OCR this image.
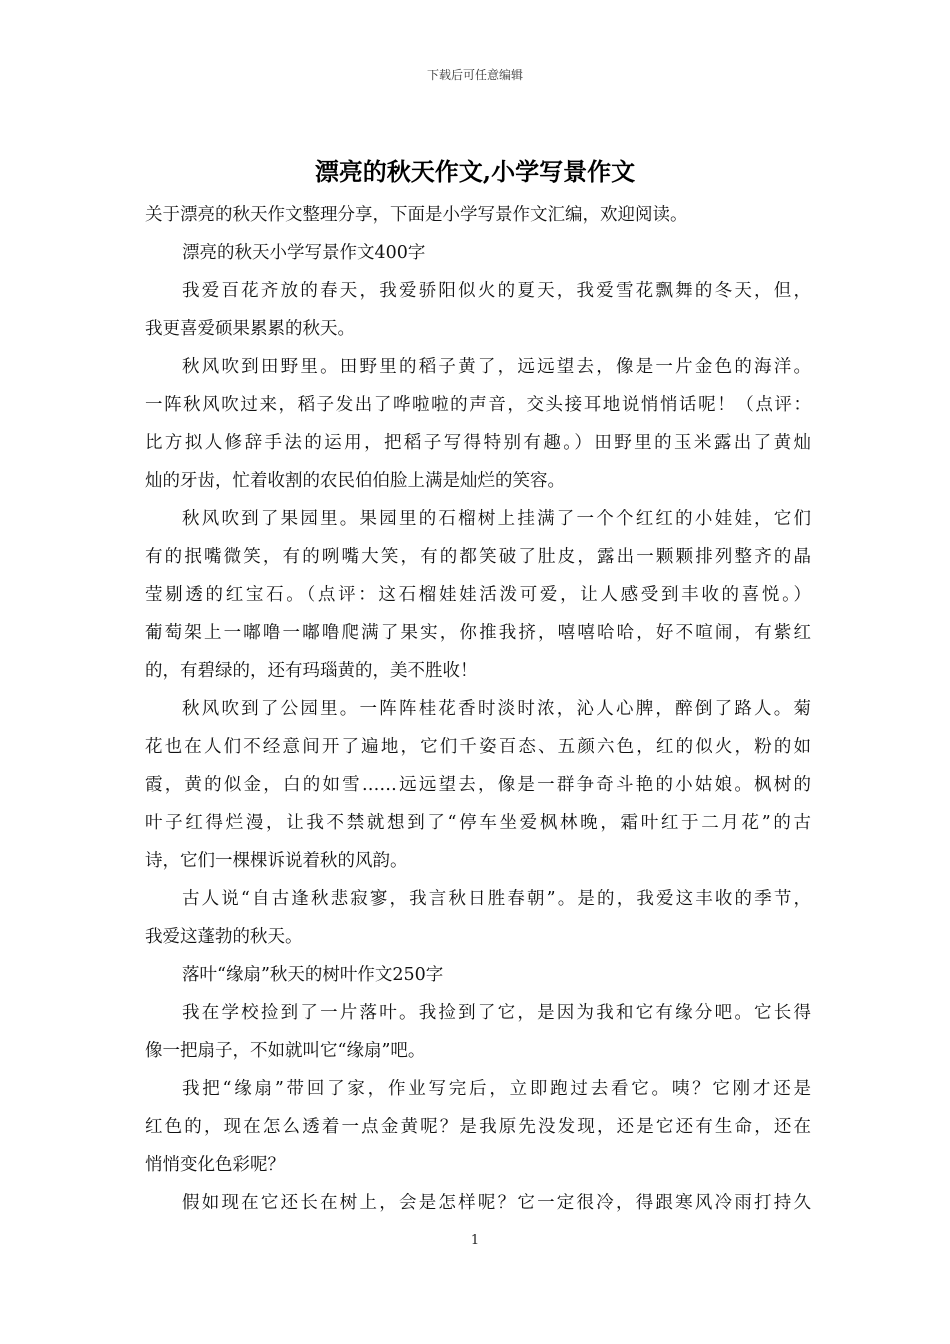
下载后可任意编辑
漂亮的秋天作文,小学写景作文
关于漂亮的秋天作文整理分享，下面是小学写景作文汇编，欢迎阅读。
漂亮的秋天小学写景作文400字
我爱百花齐放的春天，我爱骄阳似火的夏天，我爱雪花飘舞的冬天，但，
我更喜爱硕果累累的秋天。
秋风吹到田野里。田野里的稻子黄了，远远望去，像是一片金色的海洋。
一阵秋风吹过来，稻子发出了哗啦啦的声音，交头接耳地说悄悄话呢！（点评：
比方拟人修辞手法的运用，把稻子写得特别有趣。）田野里的玉米露出了黄灿
灿的牙齿，忙着收割的农民伯伯脸上满是灿烂的笑容。
秋风吹到了果园里。果园里的石榴树上挂满了一个个红红的小娃娃，它们
有的抿嘴微笑，有的咧嘴大笑，有的都笑破了肚皮，露出一颗颗排列整齐的晶
莹剔透的红宝石。（点评：这石榴娃娃活泼可爱，让人感受到丰收的喜悦。）
葡萄架上一嘟噜一嘟噜爬满了果实，你推我挤，嘻嘻哈哈，好不喧闹，有紫红
的，有碧绿的，还有玛瑙黄的，美不胜收！
秋风吹到了公园里。一阵阵桂花香时淡时浓，沁人心脾，醉倒了路人。菊
花也在人们不经意间开了遍地，它们千姿百态、五颜六色，红的似火，粉的如
霞，黄的似金，白的如雪……远远望去，像是一群争奇斗艳的小姑娘。枫树的
叶子红得烂漫，让我不禁就想到了“停车坐爱枫林晚，霜叶红于二月花”的古
诗，它们一棵棵诉说着秋的风韵。
古人说“自古逢秋悲寂寥，我言秋日胜春朝”。是的，我爱这丰收的季节，
我爱这蓬勃的秋天。
落叶“缘扇”秋天的树叶作文250字
我在学校捡到了一片落叶。我捡到了它，是因为我和它有缘分吧。它长得
像一把扇子，不如就叫它“缘扇”吧。
我把“缘扇”带回了家，作业写完后，立即跑过去看它。咦？它刚才还是
红色的，现在怎么透着一点金黄呢？是我原先没发现，还是它还有生命，还在
悄悄变化色彩呢？
假如现在它还长在树上，会是怎样呢？它一定很冷，得跟寒风冷雨打持久
1
